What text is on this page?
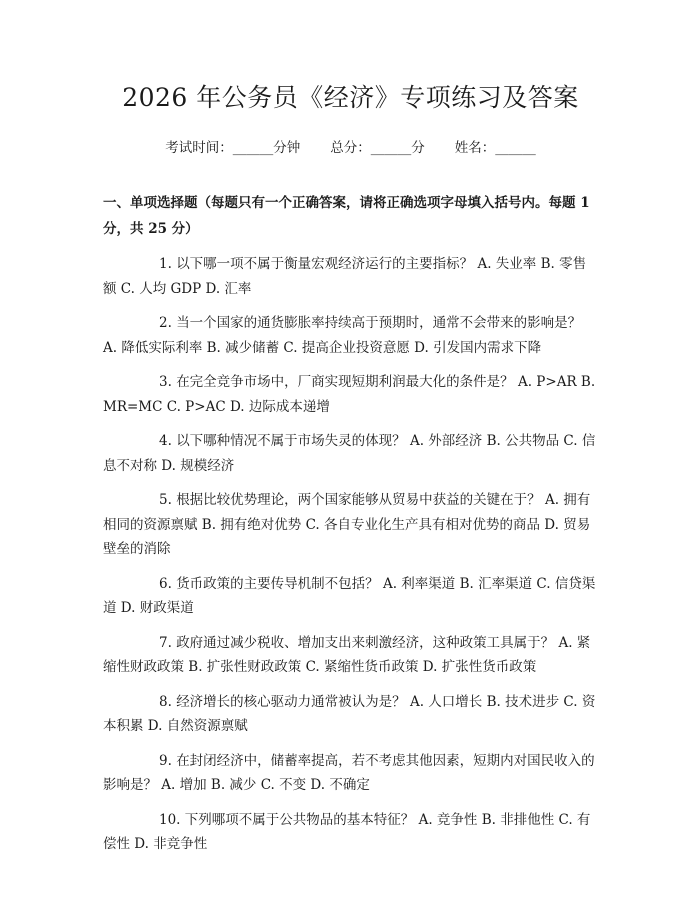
2026 年公务员《经济》专项练习及答案
考试时间：______分钟 总分：______分 姓名：______
一、单项选择题（每题只有一个正确答案，请将正确选项字母填入括号内。每题 1 分，共 25 分）
1. 以下哪一项不属于衡量宏观经济运行的主要指标？ A. 失业率 B. 零售额 C. 人均 GDP D. 汇率
2. 当一个国家的通货膨胀率持续高于预期时，通常不会带来的影响是？ A. 降低实际利率 B. 减少储蓄 C. 提高企业投资意愿 D. 引发国内需求下降
3. 在完全竞争市场中，厂商实现短期利润最大化的条件是？ A. P>AR B. MR=MC C. P>AC D. 边际成本递增
4. 以下哪种情况不属于市场失灵的体现？ A. 外部经济 B. 公共物品 C. 信息不对称 D. 规模经济
5. 根据比较优势理论，两个国家能够从贸易中获益的关键在于？ A. 拥有相同的资源禀赋 B. 拥有绝对优势 C. 各自专业化生产具有相对优势的商品 D. 贸易壁垒的消除
6. 货币政策的主要传导机制不包括？ A. 利率渠道 B. 汇率渠道 C. 信贷渠道 D. 财政渠道
7. 政府通过减少税收、增加支出来刺激经济，这种政策工具属于？ A. 紧缩性财政政策 B. 扩张性财政政策 C. 紧缩性货币政策 D. 扩张性货币政策
8. 经济增长的核心驱动力通常被认为是？ A. 人口增长 B. 技术进步 C. 资本积累 D. 自然资源禀赋
9. 在封闭经济中，储蓄率提高，若不考虑其他因素，短期内对国民收入的影响是？ A. 增加 B. 减少 C. 不变 D. 不确定
10. 下列哪项不属于公共物品的基本特征？ A. 竞争性 B. 非排他性 C. 有偿性 D. 非竞争性
